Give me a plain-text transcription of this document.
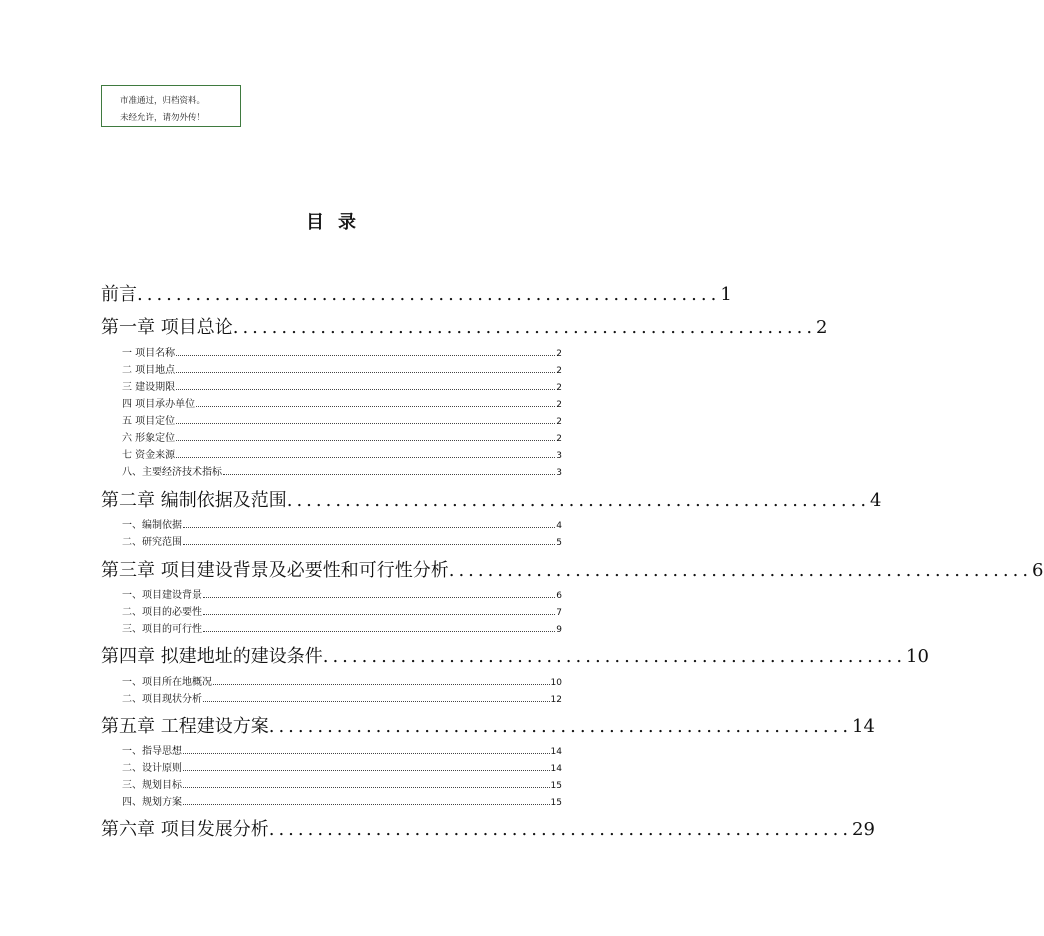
市准通过，归档资料。
未经允许，请勿外传！
目录
前言 ............................................................ 1
第一章 项目总论 ............................................................ 2
一 项目名称	2
二 项目地点	2
三 建设期限	2
四 项目承办单位	2
五 项目定位	2
六 形象定位	2
七 资金来源	3
八、主要经济技术指标	3
第二章 编制依据及范围 ............................................................ 4
一、编制依据	4
二、研究范围	5
第三章 项目建设背景及必要性和可行性分析 ............................................................ 6
一、项目建设背景	6
二、项目的必要性	7
三、项目的可行性	9
第四章 拟建地址的建设条件 ............................................................ 10
一、项目所在地概况	10
二、项目现状分析	12
第五章 工程建设方案 ............................................................ 14
一、指导思想	14
二、设计原则	14
三、规划目标	15
四、规划方案	15
第六章 项目发展分析 ............................................................ 29
